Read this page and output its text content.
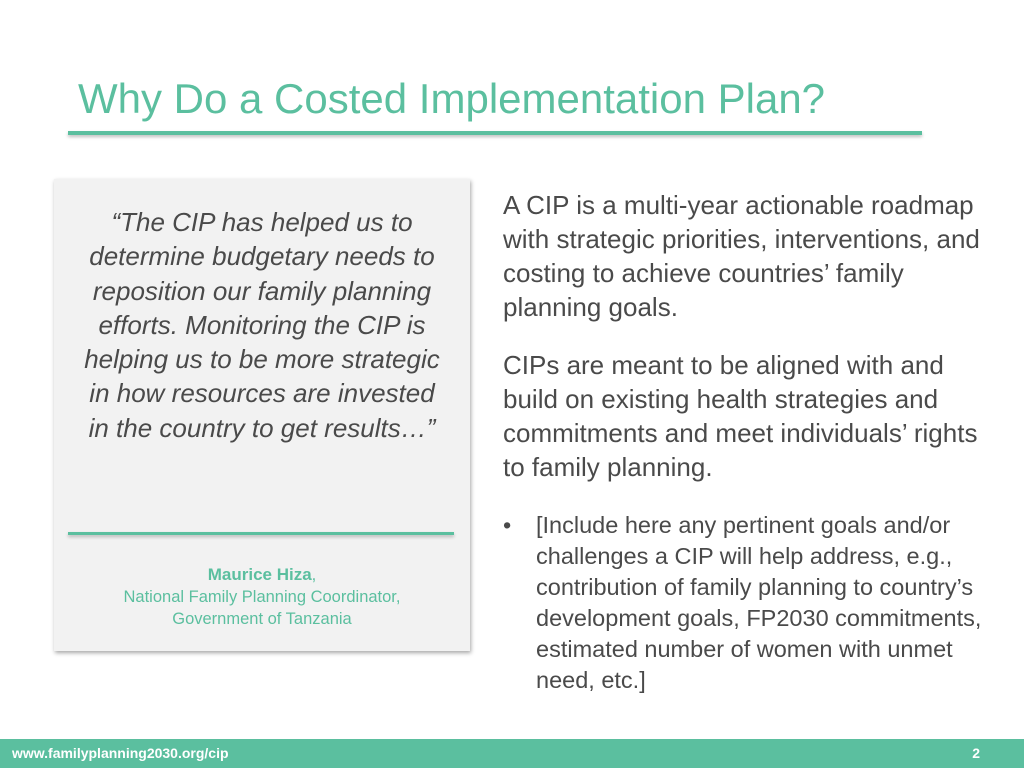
Why Do a Costed Implementation Plan?

“The CIP has helped us to determine budgetary needs to reposition our family planning efforts. Monitoring the CIP is helping us to be more strategic in how resources are invested in the country to get results…”

Maurice Hiza,
National Family Planning Coordinator,
Government of Tanzania

A CIP is a multi-year actionable roadmap with strategic priorities, interventions, and costing to achieve countries’ family planning goals.

CIPs are meant to be aligned with and build on existing health strategies and commitments and meet individuals’ rights to family planning.

• [Include here any pertinent goals and/or challenges a CIP will help address, e.g., contribution of family planning to country’s development goals, FP2030 commitments, estimated number of women with unmet need, etc.]
www.familyplanning2030.org/cip	2
